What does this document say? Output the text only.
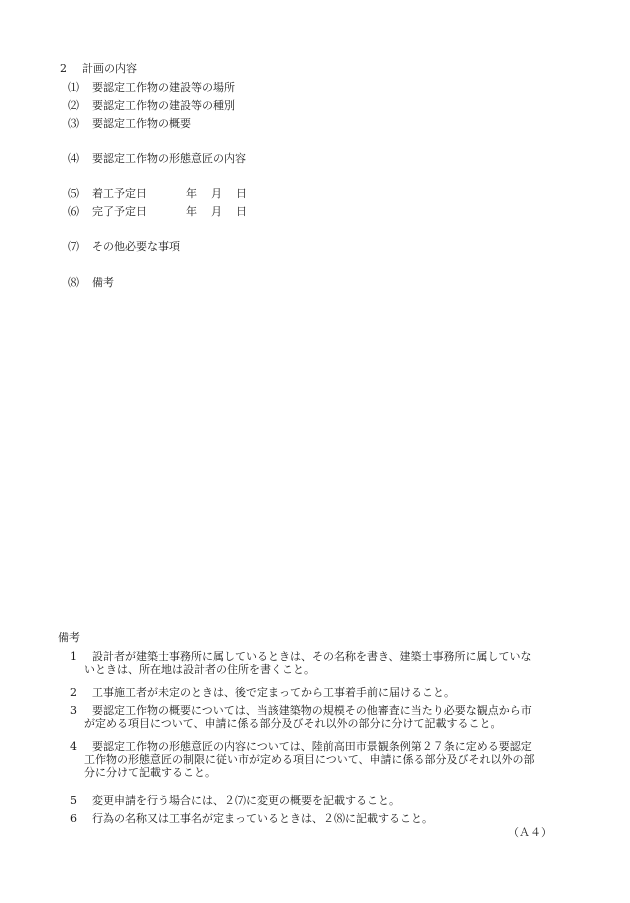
2 計画の内容
⑴ 要認定工作物の建設等の場所
⑵ 要認定工作物の建設等の種別
⑶ 要認定工作物の概要
⑷ 要認定工作物の形態意匠の内容
⑸ 着工予定日	年 月 日
⑹ 完了予定日	年 月 日
⑺ その他必要な事項
⑻ 備考
備考
1	設計者が建築士事務所に属しているときは、その名称を書き、建築士事務所に属していな
いときは、所在地は設計者の住所を書くこと。
2	工事施工者が未定のときは、後で定まってから工事着手前に届けること。
3	要認定工作物の概要については、当該建築物の規模その他審査に当たり必要な観点から市
が定める項目について、申請に係る部分及びそれ以外の部分に分けて記載すること。
4	要認定工作物の形態意匠の内容については、陸前高田市景観条例第２７条に定める要認定
工作物の形態意匠の制限に従い市が定める項目について、申請に係る部分及びそれ以外の部
分に分けて記載すること。
5	変更申請を行う場合には、２⑺に変更の概要を記載すること。
6	行為の名称又は工事名が定まっているときは、２⑻に記載すること。
（Ａ４）
